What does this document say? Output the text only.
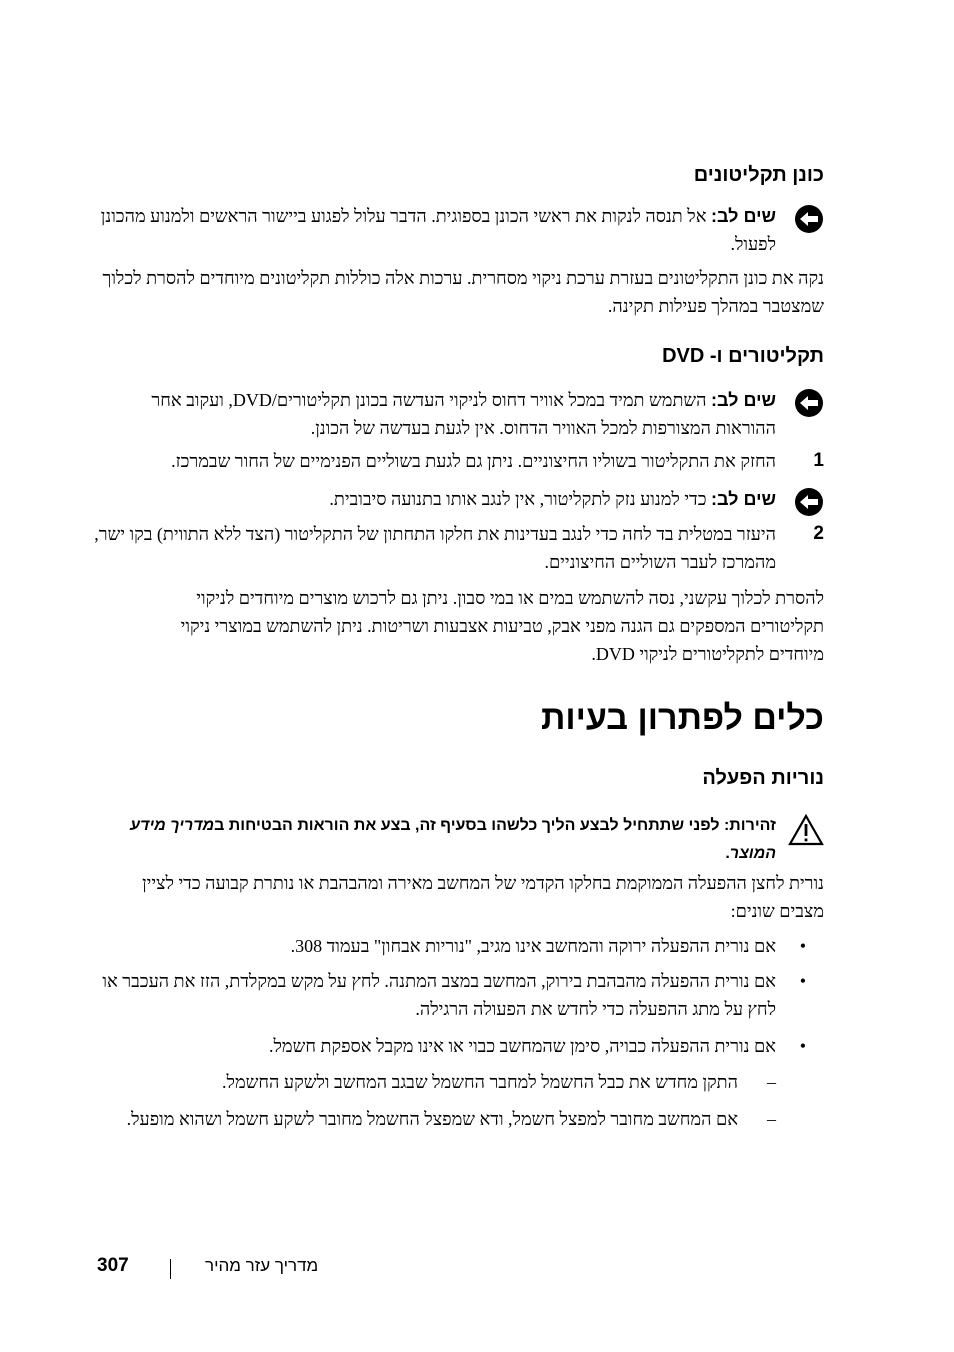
כונן תקליטונים

שים לב: אל תנסה לנקות את ראשי הכונן בספוגית. הדבר עלול לפגוע ביישור הראשים ולמנוע מהכונן לפעול.

נקה את כונן התקליטונים בעזרת ערכת ניקוי מסחרית. ערכות אלה כוללות תקליטונים מיוחדים להסרת לכלוך שמצטבר במהלך פעילות תקינה.

תקליטורים ו- DVD

שים לב: השתמש תמיד במכל אוויר דחוס לניקוי העדשה בכונן תקליטורים/DVD, ועקוב אחר ההוראות המצורפות למכל האוויר הדחוס. אין לגעת בעדשה של הכונן.

1

החזק את התקליטור בשוליו החיצוניים. ניתן גם לגעת בשוליים הפנימיים של החור שבמרכז.

שים לב: כדי למנוע נזק לתקליטור, אין לנגב אותו בתנועה סיבובית.

2

היעזר במטלית בד לחה כדי לנגב בעדינות את חלקו התחתון של התקליטור (הצד ללא התווית) בקו ישר, מהמרכז לעבר השוליים החיצוניים.

להסרת לכלוך עקשני, נסה להשתמש במים או במי סבון. ניתן גם לרכוש מוצרים מיוחדים לניקוי תקליטורים המספקים גם הגנה מפני אבק, טביעות אצבעות ושריטות. ניתן להשתמש במוצרי ניקוי מיוחדים לתקליטורים לניקוי DVD.

כלים לפתרון בעיות
נוריות הפעלה

זהירות: לפני שתתחיל לבצע הליך כלשהו בסעיף זה, בצע את הוראות הבטיחות במדריך מידע המוצר.

נורית לחצן ההפעלה הממוקמת בחלקו הקדמי של המחשב מאירה ומהבהבת או נותרת קבועה כדי לציין מצבים שונים:

•

אם נורית ההפעלה ירוקה והמחשב אינו מגיב, "נוריות אבחון" בעמוד 308.

•

אם נורית ההפעלה מהבהבת בירוק, המחשב במצב המתנה. לחץ על מקש במקלדת, הזז את העכבר או לחץ על מתג ההפעלה כדי לחדש את הפעולה הרגילה.

•

אם נורית ההפעלה כבויה, סימן שהמחשב כבוי או אינו מקבל אספקת חשמל.

–

התקן מחדש את כבל החשמל למחבר החשמל שבגב המחשב ולשקע החשמל.

–

אם המחשב מחובר למפצל חשמל, ודא שמפצל החשמל מחובר לשקע חשמל ושהוא מופעל.

307	מדריך עזר מהיר
